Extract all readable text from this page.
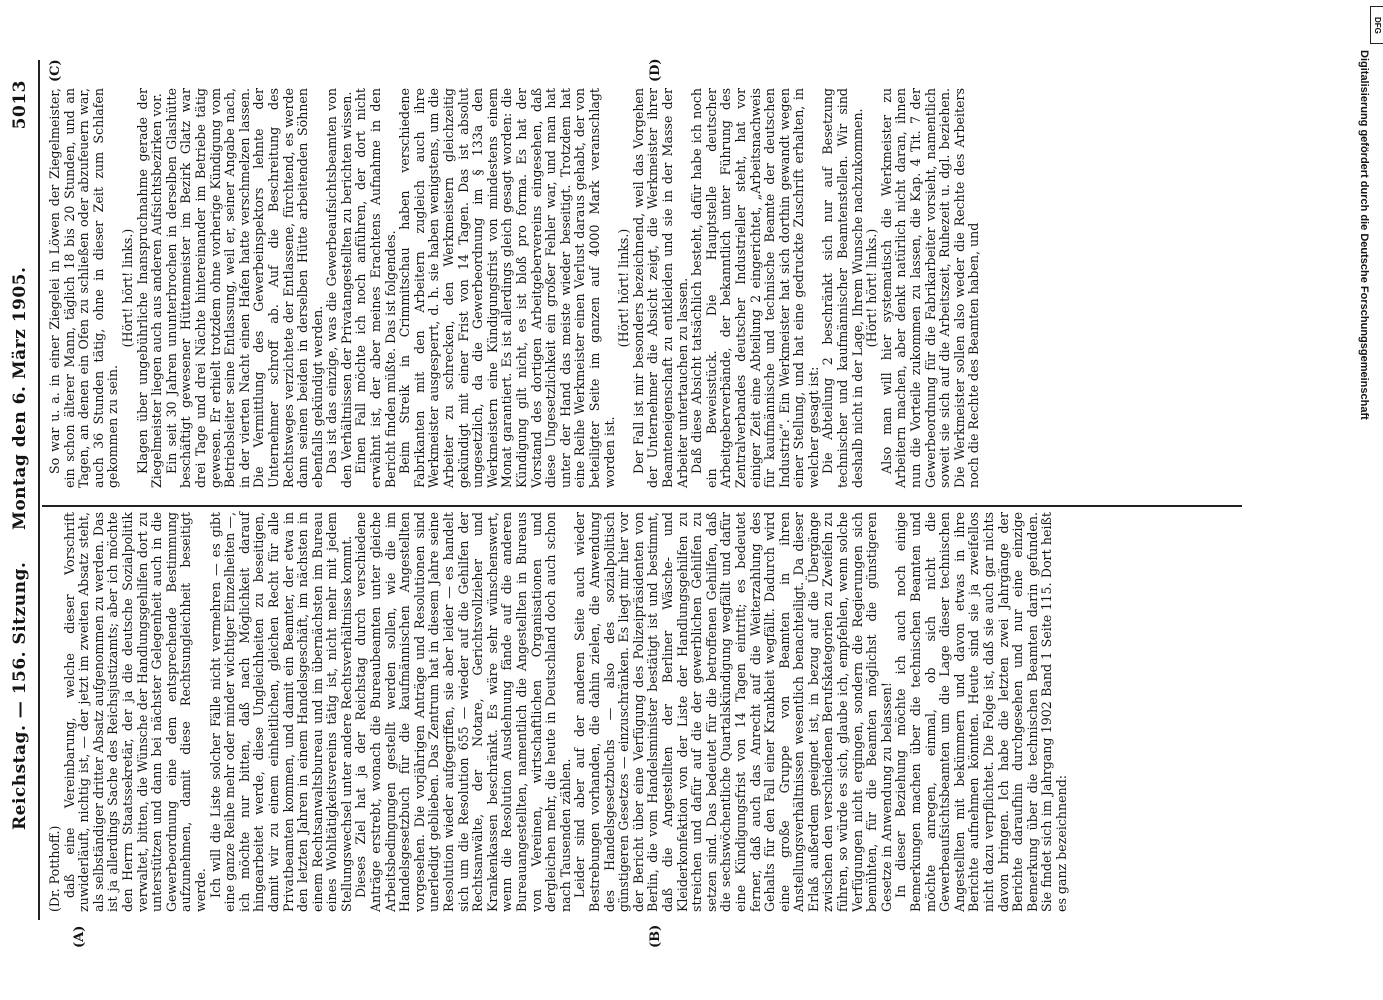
Reichstag. — 156. Sitzung.
Montag den 6. März 1905.
5013
(A)	(B)
(C)	(D)

(Dr. Potthoff.) daß eine Vereinbarung, welche dieser Vorschrift zuwiderläuft, nichtig ist, — der jetzt im zweiten Absatz steht, als selbständiger dritter Absatz aufgenommen zu werden. Das ist ja allerdings Sache des Reichsjustizamts; aber ich möchte den Herrn Staatssekretär, der ja die deutsche Sozialpolitik verwaltet, bitten, die Wünsche der Handlungsgehilfen dort zu unterstützen und dann bei nächster Gelegenheit auch in die Gewerbeordnung eine dem entsprechende Bestimmung aufzunehmen, damit diese Rechtsungleichheit beseitigt werde. Ich will die Liste solcher Fälle nicht vermehren — es gibt eine ganze Reihe mehr oder minder wichtiger Einzelheiten —, ich möchte nur bitten, daß nach Möglichkeit darauf hingearbeitet werde, diese Ungleichheiten zu beseitigen, damit wir zu einem einheitlichen, gleichen Recht für alle Privatbeamten kommen, und damit ein Beamter, der etwa in den letzten Jahren in einem Handelsgeschäft, im nächsten in einem Rechtsanwaltsbureau und im übernächsten im Bureau eines Wohltätigkeitsvereins tätig ist, nicht mehr mit jedem Stellungswechsel unter andere Rechtsverhältnisse kommt. Dieses Ziel hat ja der Reichstag durch verschiedene Anträge erstrebt, wonach die Bureaubeamten unter gleiche Arbeitsbedingungen gestellt werden sollen, wie die im Handelsgesetzbuch für die kaufmännischen Angestellten vorgesehen. Die vorjährigen Anträge und Resolutionen sind unerledigt geblieben. Das Zentrum hat in diesem Jahre seine Resolution wieder aufgegriffen, sie aber leider — es handelt sich um die Resolution 655 — wieder auf die Gehilfen der Rechtsanwälte, der Notare, Gerichtsvollzieher und Krankenkassen beschränkt. Es wäre sehr wünschenswert, wenn die Resolution Ausdehnung fände auf die anderen Bureauangestellten, namentlich die Angestellten in Bureaus von Vereinen, wirtschaftlichen Organisationen und dergleichen mehr, die heute in Deutschland doch auch schon nach Tausenden zählen. Leider sind aber auf der anderen Seite auch wieder Bestrebungen vorhanden, die dahin zielen, die Anwendung des Handelsgesetzbuchs — also des sozialpolitisch günstigeren Gesetzes — einzuschränken. Es liegt mir hier vor der Bericht über eine Verfügung des Polizeipräsidenten von Berlin, die vom Handelsminister bestätigt ist und bestimmt, daß die Angestellten der Berliner Wäsche- und Kleiderkonfektion von der Liste der Handlungsgehilfen zu streichen und dafür auf die der gewerblichen Gehilfen zu setzen sind. Das bedeutet für die betroffenen Gehilfen, daß die sechswöchentliche Quartalskündigung wegfällt und dafür eine Kündigungsfrist von 14 Tagen eintritt; es bedeutet ferner, daß auch das Anrecht auf die Weiterzahlung des Gehalts für den Fall einer Krankheit wegfällt. Dadurch wird eine große Gruppe von Beamten in ihren Anstellungsverhältnissen wesentlich benachteiligt. Da dieser Erlaß außerdem geeignet ist, in bezug auf die Übergänge zwischen den verschiedenen Berufskategorien zu Zweifeln zu führen, so würde es sich, glaube ich, empfehlen, wenn solche Verfügungen nicht ergingen, sondern die Regierungen sich bemühten, für die Beamten möglichst die günstigeren Gesetze in Anwendung zu belassen! In dieser Beziehung möchte ich auch noch einige Bemerkungen machen über die technischen Beamten und möchte anregen, einmal, ob sich nicht die Gewerbeaufsichtsbeamten um die Lage dieser technischen Angestellten mit bekümmern und davon etwas in ihre Berichte aufnehmen könnten. Heute sind sie ja zweifellos nicht dazu verpflichtet. Die Folge ist, daß sie auch gar nichts davon bringen. Ich habe die letzten zwei Jahrgänge der Berichte daraufhin durchgesehen und nur eine einzige Bemerkung über die technischen Beamten darin gefunden. Sie findet sich im Jahrgang 1902 Band 1 Seite 115. Dort heißt es ganz bezeichnend:

So war u. a. in einer Ziegelei in Löwen der Ziegelmeister, ein schon älterer Mann, täglich 18 bis 20 Stunden, und an Tagen, an denen ein Ofen zu schließen oder abzufeuern war, auch 36 Stunden tätig, ohne in dieser Zeit zum Schlafen gekommen zu sein.

(Hört! hört! links.) Klagen über ungebührliche Inanspruchnahme gerade der Ziegelmeister liegen auch aus anderen Aufsichtsbezirken vor. Ein seit 30 Jahren ununterbrochen in derselben Glashütte beschäftigt gewesener Hüttenmeister im Bezirk Glatz war drei Tage und drei Nächte hintereinander im Betriebe tätig gewesen. Er erhielt trotzdem ohne vorherige Kündigung vom Betriebsleiter seine Entlassung, weil er, seiner Angabe nach, in der vierten Nacht einen Hafen hatte verschmelzen lassen. Die Vermittlung des Gewerbeinspektors lehnte der Unternehmer schroff ab. Auf die Beschreitung des Rechtsweges verzichtete der Entlassene, fürchtend, es werde dann seinen beiden in derselben Hütte arbeitenden Söhnen ebenfalls gekündigt werden. Das ist das einzige, was die Gewerbeaufsichtsbeamten von den Verhältnissen der Privatangestellten zu berichten wissen. Einen Fall möchte ich noch anführen, der dort nicht erwähnt ist, der aber meines Erachtens Aufnahme in den Bericht finden müßte. Das ist folgendes. Beim Streik in Crimmitschau haben verschiedene Fabrikanten mit den Arbeitern zugleich auch ihre Werkmeister ausgesperrt, d. h. sie haben wenigstens, um die Arbeiter zu schrecken, den Werkmeistern gleichzeitig gekündigt mit einer Frist von 14 Tagen. Das ist absolut ungesetzlich, da die Gewerbeordnung im § 133a den Werkmeistern eine Kündigungsfrist von mindestens einem Monat garantiert. Es ist allerdings gleich gesagt worden: die Kündigung gilt nicht, es ist bloß pro forma. Es hat der Vorstand des dortigen Arbeitgebervereins eingesehen, daß diese Ungesetzlichkeit ein großer Fehler war, und man hat unter der Hand das meiste wieder beseitigt. Trotzdem hat eine Reihe Werkmeister einen Verlust daraus gehabt, der von beteiligter Seite im ganzen auf 4000 Mark veranschlagt worden ist.

(Hört! hört! links.) Der Fall ist mir besonders bezeichnend, weil das Vorgehen der Unternehmer die Absicht zeigt, die Werkmeister ihrer Beamteneigenschaft zu entkleiden und sie in der Masse der Arbeiter untertauchen zu lassen. Daß diese Absicht tatsächlich besteht, dafür habe ich noch ein Beweisstück. Die Hauptstelle deutscher Arbeitgeberverbände, der bekanntlich unter Führung des Zentralverbandes deutscher Industrieller steht, hat vor einiger Zeit eine Abteilung 2 eingerichtet, „Arbeitsnachweis für kaufmännische und technische Beamte der deutschen Industrie“. Ein Werkmeister hat sich dorthin gewandt wegen einer Stellung, und hat eine gedruckte Zuschrift erhalten, in welcher gesagt ist: Die Abteilung 2 beschränkt sich nur auf Besetzung technischer und kaufmännischer Beamtenstellen. Wir sind deshalb nicht in der Lage, Ihrem Wunsche nachzukommen. (Hört! hört! links.) Also man will hier systematisch die Werkmeister zu Arbeitern machen, aber denkt natürlich nicht daran, ihnen nun die Vorteile zukommen zu lassen, die Kap. 4 Tit. 7 der Gewerbeordnung für die Fabrikarbeiter vorsieht, namentlich soweit sie sich auf die Arbeitszeit, Ruhezeit u. dgl. beziehen. Die Werkmeister sollen also weder die Rechte des Arbeiters noch die Rechte des Beamten haben, und

DFG
Digitalisierung gefördert durch die Deutsche Forschungsgemeinschaft
